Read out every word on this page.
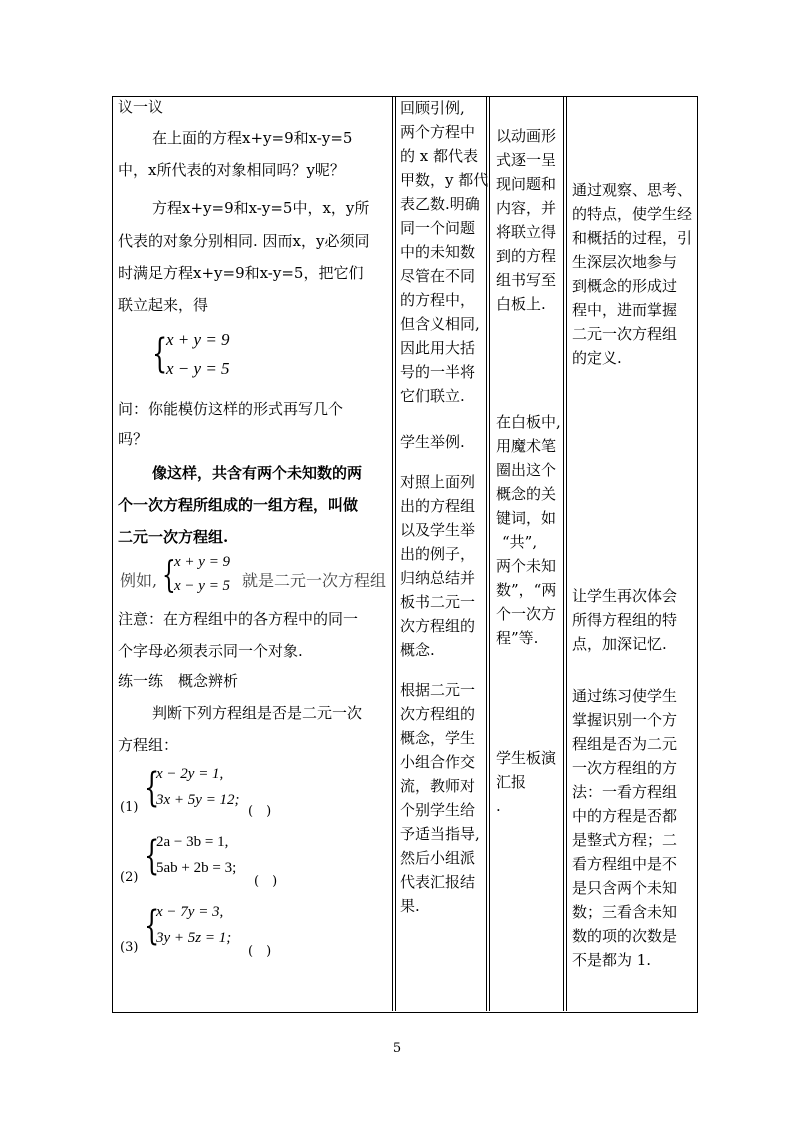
议一议
在上面的方程x+y=9和x-y=5
中，x所代表的对象相同吗？y呢？
方程x+y=9和x-y=5中，x，y所
代表的对象分别相同. 因而x，y必须同
时满足方程x+y=9和x-y=5，把它们
联立起来，得
{
x + y = 9
x − y = 5
问：你能模仿这样的形式再写几个
吗？
像这样，共含有两个未知数的两
个一次方程所组成的一组方程，叫做
二元一次方程组.
例如, {
x + y = 9
x − y = 5 就是二元一次方程组
注意：在方程组中的各方程中的同一
个字母必须表示同一个对象.
练一练　概念辨析
判断下列方程组是否是二元一次
方程组：
(1) {
x − 2y = 1,
3x + 5y = 12;
(　)
(2) {
2a − 3b = 1,
5ab + 2b = 3;
(　)
(3) {
x − 7y = 3,
3y + 5z = 1;
(　)
回顾引例,
两个方程中
的 x 都代表
甲数，y 都代
表乙数.明确
同一个问题
中的未知数
尽管在不同
的方程中，
但含义相同,
因此用大括
号的一半将
它们联立.
学生举例.
对照上面列
出的方程组
以及学生举
出的例子，
归纳总结并
板书二元一
次方程组的
概念.
根据二元一
次方程组的
概念，学生
小组合作交
流，教师对
个别学生给
予适当指导,
然后小组派
代表汇报结
果.
以动画形
式逐一呈
现问题和
内容，并
将联立得
到的方程
组书写至
白板上.
在白板中,
用魔术笔
圈出这个
概念的关
键词，如
“共”,
两个未知
数”，“两
个一次方
程”等.
学生板演
汇报
.
通过观察、思考、
的特点，使学生经
和概括的过程，引
生深层次地参与
到概念的形成过
程中，进而掌握
二元一次方程组
的定义.
让学生再次体会
所得方程组的特
点，加深记忆.
通过练习使学生
掌握识别一个方
程组是否为二元
一次方程组的方
法：一看方程组
中的方程是否都
是整式方程；二
看方程组中是不
是只含两个未知
数；三看含未知
数的项的次数是
不是都为 1.
5
